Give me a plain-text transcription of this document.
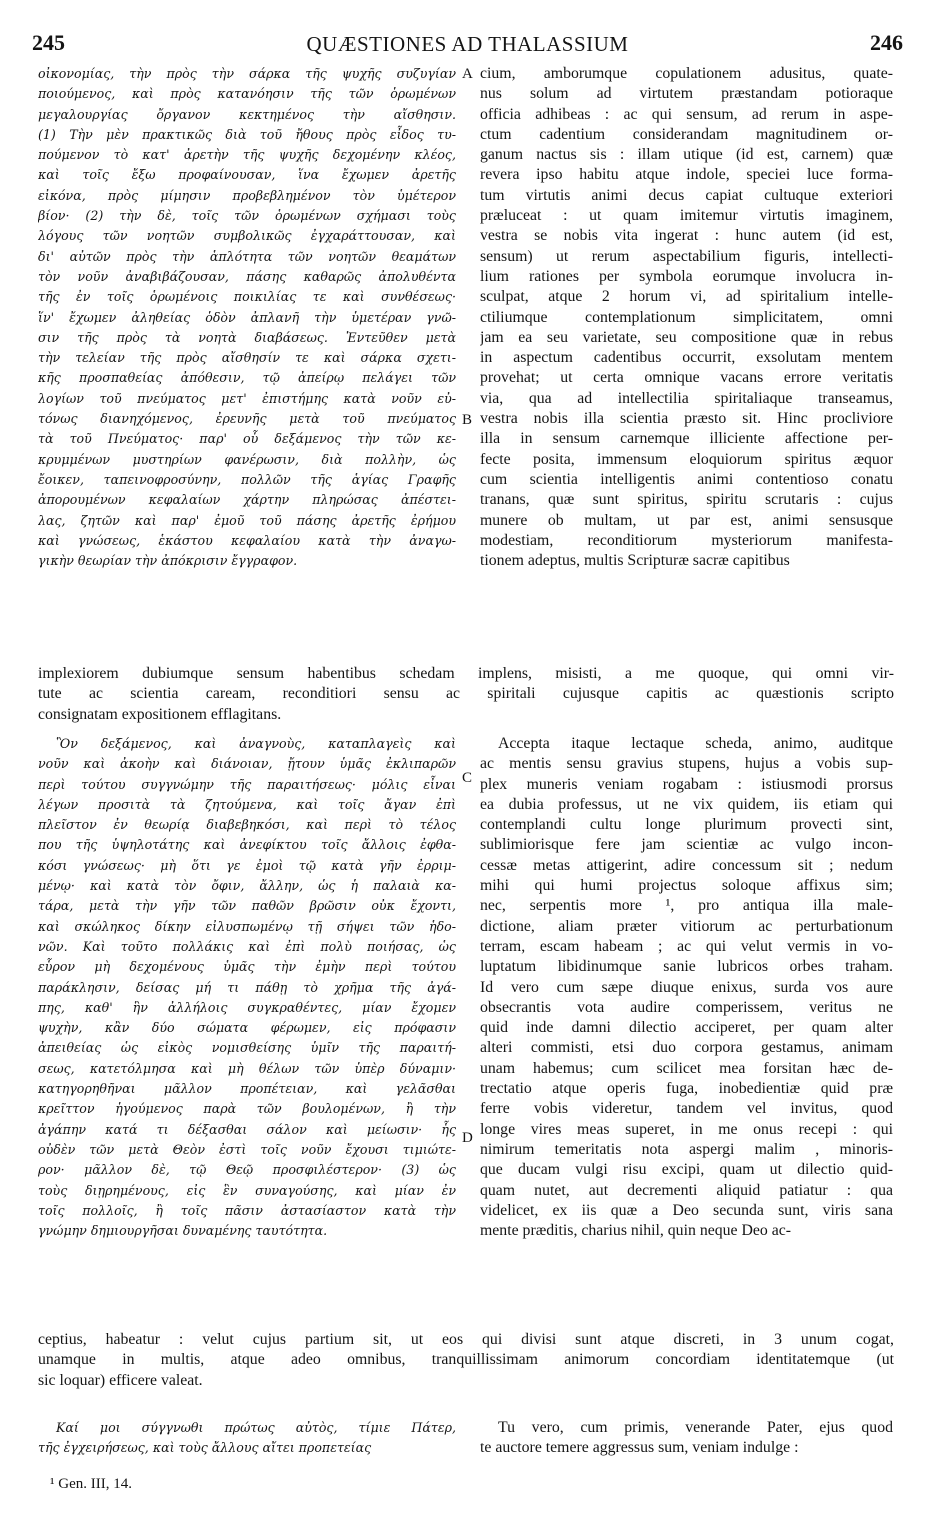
245	QUÆSTIONES AD THALASSIUM	246
οἰκονομίας, τὴν πρὸς τὴν σάρκα τῆς ψυχῆς συζυγίαν
ποιούμενος, καὶ πρὸς κατανόησιν τῆς τῶν ὁρωμένων
μεγαλουργίας ὄργανον κεκτημένος τὴν αἴσθησιν.
(1) Τὴν μὲν πρακτικῶς διὰ τοῦ ἤθους πρὸς εἶδος τυ-
πούμενον τὸ κατ' ἀρετὴν τῆς ψυχῆς δεχομένην κλέος,
καὶ τοῖς ἔξω προφαίνουσαν, ἵνα ἔχωμεν ἀρετῆς
εἰκόνα, πρὸς μίμησιν προβεβλημένον τὸν ὑμέτερον
βίον· (2) τὴν δὲ, τοῖς τῶν ὁρωμένων σχήμασι τοὺς
λόγους τῶν νοητῶν συμβολικῶς ἐγχαράττουσαν, καὶ
δι' αὐτῶν πρὸς τὴν ἁπλότητα τῶν νοητῶν θεαμάτων
τὸν νοῦν ἀναβιβάζουσαν, πάσης καθαρῶς ἀπολυθέντα
τῆς ἐν τοῖς ὁρωμένοις ποικιλίας τε καὶ συνθέσεως·
ἵν' ἔχωμεν ἀληθείας ὁδὸν ἀπλανῆ τὴν ὑμετέραν γνῶ-
σιν τῆς πρὸς τὰ νοητὰ διαβάσεως. Ἐντεῦθεν μετὰ
τὴν τελείαν τῆς πρὸς αἴσθησίν τε καὶ σάρκα σχετι-
κῆς προσπαθείας ἀπόθεσιν, τῷ ἀπείρῳ πελάγει τῶν
λογίων τοῦ πνεύματος μετ' ἐπιστήμης κατὰ νοῦν εὐ-
τόνως διανηχόμενος, ἐρευνῆς μετὰ τοῦ πνεύματος
τὰ τοῦ Πνεύματος· παρ' οὗ δεξάμενος τὴν τῶν κε-
κρυμμένων μυστηρίων φανέρωσιν, διὰ πολλὴν, ὡς
ἔοικεν, ταπεινοφροσύνην, πολλῶν τῆς ἁγίας Γραφῆς
ἀπορουμένων κεφαλαίων χάρτην πληρώσας ἀπέστει-
λας, ζητῶν καὶ παρ' ἐμοῦ τοῦ πάσης ἀρετῆς ἐρήμου
καὶ γνώσεως, ἑκάστου κεφαλαίου κατὰ τὴν ἀναγω-
γικὴν θεωρίαν τὴν ἀπόκρισιν ἔγγραφον.
cium, amborumque copulationem adusitus, quate-
nus solum ad virtutem præstandam potioraque
officia adhibeas : ac qui sensum, ad rerum in aspe-
ctum cadentium considerandam magnitudinem or-
ganum nactus sis : illam utique (id est, carnem) quæ
revera ipso habitu atque indole, speciei luce forma-
tum virtutis animi decus capiat cultuque exteriori
præluceat : ut quam imitemur virtutis imaginem,
vestra se nobis vita ingerat : hunc autem (id est,
sensum) ut rerum aspectabilium figuris, intellecti-
lium rationes per symbola eorumque involucra in-
sculpat, atque 2 horum vi, ad spiritalium intelle-
ctiliumque contemplationum simplicitatem, omni
jam ea seu varietate, seu compositione quæ in rebus
in aspectum cadentibus occurrit, exsolutam mentem
provehat; ut certa omnique vacans errore veritatis
via, qua ad intellectilia spiritaliaque transeamus,
vestra nobis illa scientia præsto sit. Hinc procliviore
illa in sensum carnemque illiciente affectione per-
fecte posita, immensum eloquiorum spiritus æquor
cum scientia intelligentis animi contentioso conatu
tranans, quæ sunt spiritus, spiritu scrutaris : cujus
munere ob multam, ut par est, animi sensusque
modestiam, reconditiorum mysteriorum manifesta-
tionem adeptus, multis Scripturæ sacræ capitibus
A
B
C
D
implexiorem dubiumque sensum habentibus schedam implens, misisti, a me quoque, qui omni vir-
tute ac scientia caream, reconditiori sensu ac spiritali cujusque capitis ac quæstionis scripto
consignatam expositionem efflagitans.
Ὃν δεξάμενος, καὶ ἀναγνοὺς, καταπλαγεὶς καὶ
νοῦν καὶ ἀκοὴν καὶ διάνοιαν, ᾔτουν ὑμᾶς ἐκλιπαρῶν
περὶ τούτου συγγνώμην τῆς παραιτήσεως· μόλις εἶναι
λέγων προσιτὰ τὰ ζητούμενα, καὶ τοῖς ἄγαν ἐπὶ
πλεῖστον ἐν θεωρίᾳ διαβεβηκόσι, καὶ περὶ τὸ τέλος
που τῆς ὑψηλοτάτης καὶ ἀνεφίκτου τοῖς ἄλλοις ἐφθα-
κόσι γνώσεως· μὴ ὅτι γε ἐμοὶ τῷ κατὰ γῆν ἐρριμ-
μένῳ· καὶ κατὰ τὸν ὄφιν, ἄλλην, ὡς ἡ παλαιὰ κα-
τάρα, μετὰ τὴν γῆν τῶν παθῶν βρῶσιν οὐκ ἔχοντι,
καὶ σκώληκος δίκην εἰλυσπωμένῳ τῇ σήψει τῶν ἡδο-
νῶν. Καὶ τοῦτο πολλάκις καὶ ἐπὶ πολὺ ποιήσας, ὡς
εὗρον μὴ δεχομένους ὑμᾶς τὴν ἐμὴν περὶ τούτου
παράκλησιν, δείσας μή τι πάθῃ τὸ χρῆμα τῆς ἀγά-
πης, καθ' ἣν ἀλλήλοις συγκραθέντες, μίαν ἔχομεν
ψυχὴν, κἂν δύο σώματα φέρωμεν, εἰς πρόφασιν
ἀπειθείας ὡς εἰκὸς νομισθείσης ὑμῖν τῆς παραιτή-
σεως, κατετόλμησα καὶ μὴ θέλων τῶν ὑπὲρ δύναμιν·
κατηγορηθῆναι μᾶλλον προπέτειαν, καὶ γελᾶσθαι
κρεῖττον ἡγούμενος παρὰ τῶν βουλομένων, ἢ τὴν
ἀγάπην κατά τι δέξασθαι σάλον καὶ μείωσιν· ἧς
οὐδὲν τῶν μετὰ Θεὸν ἐστὶ τοῖς νοῦν ἔχουσι τιμιώτε-
ρον· μᾶλλον δὲ, τῷ Θεῷ προσφιλέστερον· (3) ὡς
τοὺς διῃρημένους, εἰς ἓν συναγούσης, καὶ μίαν ἐν
τοῖς πολλοῖς, ἢ τοῖς πᾶσιν ἀστασίαστον κατὰ τὴν
γνώμην δημιουργῆσαι δυναμένης ταυτότητα.
Accepta itaque lectaque scheda, animo, auditque
ac mentis sensu gravius stupens, hujus a vobis sup-
plex muneris veniam rogabam : istiusmodi prorsus
ea dubia professus, ut ne vix quidem, iis etiam qui
contemplandi cultu longe plurimum provecti sint,
sublimiorisque fere jam scientiæ ac vulgo incon-
cessæ metas attigerint, adire concessum sit ; nedum
mihi qui humi projectus soloque affixus sim;
nec, serpentis more ¹, pro antiqua illa male-
dictione, aliam præter vitiorum ac perturbationum
terram, escam habeam ; ac qui velut vermis in vo-
luptatum libidinumque sanie lubricos orbes traham.
Id vero cum sæpe diuque enixus, surda vos aure
obsecrantis vota audire comperissem, veritus ne
quid inde damni dilectio acciperet, per quam alter
alteri commisti, etsi duo corpora gestamus, animam
unam habemus; cum scilicet mea forsitan hæc de-
trectatio atque operis fuga, inobedientiæ quid præ
ferre vobis videretur, tandem vel invitus, quod
longe vires meas superet, in me onus recepi : qui
nimirum temeritatis nota aspergi malim , minoris-
que ducam vulgi risu excipi, quam ut dilectio quid-
quam nutet, aut decrementi aliquid patiatur : qua
videlicet, ex iis quæ a Deo secunda sunt, viris sana
mente præditis, charius nihil, quin neque Deo ac-
ceptius, habeatur : velut cujus partium sit, ut eos qui divisi sunt atque discreti, in 3 unum cogat,
unamque in multis, atque adeo omnibus, tranquillissimam animorum concordiam identitatemque (ut
sic loquar) efficere valeat.
Καί μοι σύγγνωθι πρώτως αὐτὸς, τίμιε Πάτερ,
τῆς ἐγχειρήσεως, καὶ τοὺς ἄλλους αἴτει προπετείας
Tu vero, cum primis, venerande Pater, ejus quod
te auctore temere aggressus sum, veniam indulge :
¹ Gen. III, 14.
